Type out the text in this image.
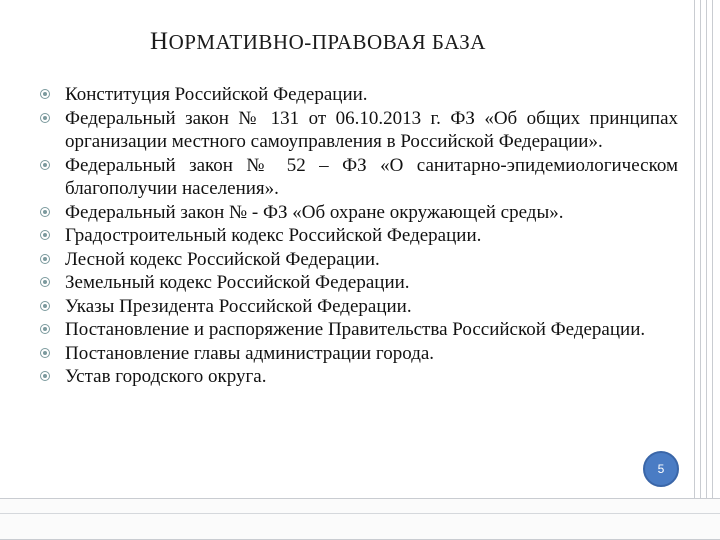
НОРМАТИВНО-ПРАВОВАЯ БАЗА
Конституция Российской Федерации.
Федеральный закон № 131 от 06.10.2013 г. ФЗ «Об общих принципах организации местного самоуправления в Российской Федерации».
Федеральный закон № 52 – ФЗ «О санитарно-эпидемиологическом благополучии населения».
Федеральный закон № - ФЗ «Об охране окружающей среды».
Градостроительный кодекс Российской Федерации.
Лесной кодекс Российской Федерации.
Земельный кодекс Российской Федерации.
Указы Президента Российской Федерации.
Постановление и распоряжение Правительства Российской Федерации.
Постановление главы администрации города.
Устав городского округа.
5
